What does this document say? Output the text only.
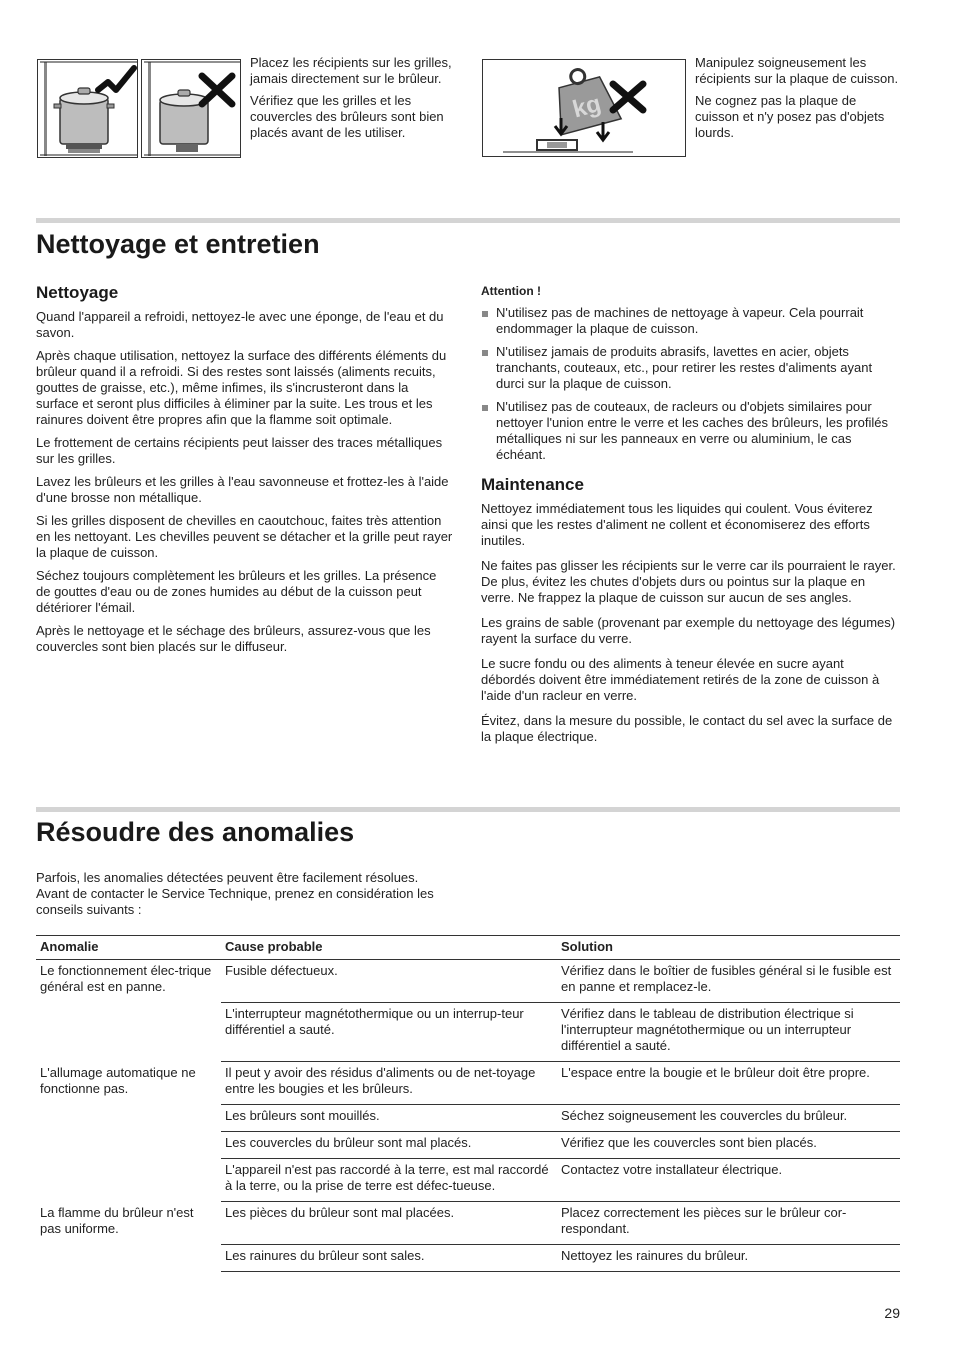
Placez les récipients sur les grilles, jamais directement sur le brûleur.

Vérifiez que les grilles et les couvercles des brûleurs sont bien placés avant de les utiliser.

kg

Manipulez soigneusement les récipients sur la plaque de cuisson.

Ne cognez pas la plaque de cuisson et n'y posez pas d'objets lourds.

Nettoyage et entretien
Nettoyage

Quand l'appareil a refroidi, nettoyez-le avec une éponge, de l'eau et du savon.

Après chaque utilisation, nettoyez la surface des différents éléments du brûleur quand il a refroidi. Si des restes sont laissés (aliments recuits, gouttes de graisse, etc.), même infimes, ils s'incrusteront dans la surface et seront plus difficiles à éliminer par la suite. Les trous et les rainures doivent être propres afin que la flamme soit optimale.

Le frottement de certains récipients peut laisser des traces métalliques sur les grilles.

Lavez les brûleurs et les grilles à l'eau savonneuse et frottez-les à l'aide d'une brosse non métallique.

Si les grilles disposent de chevilles en caoutchouc, faites très attention en les nettoyant. Les chevilles peuvent se détacher et la grille peut rayer la plaque de cuisson.

Séchez toujours complètement les brûleurs et les grilles. La présence de gouttes d'eau ou de zones humides au début de la cuisson peut détériorer l'émail.

Après le nettoyage et le séchage des brûleurs, assurez-vous que les couvercles sont bien placés sur le diffuseur.

Attention !
N'utilisez pas de machines de nettoyage à vapeur. Cela pourrait endommager la plaque de cuisson.
N'utilisez jamais de produits abrasifs, lavettes en acier, objets tranchants, couteaux, etc., pour retirer les restes d'aliments ayant durci sur la plaque de cuisson.
N'utilisez pas de couteaux, de racleurs ou d'objets similaires pour nettoyer l'union entre le verre et les caches des brûleurs, les profilés métalliques ni sur les panneaux en verre ou aluminium, le cas échéant.
Maintenance

Nettoyez immédiatement tous les liquides qui coulent. Vous éviterez ainsi que les restes d'aliment ne collent et économiserez des efforts inutiles.

Ne faites pas glisser les récipients sur le verre car ils pourraient le rayer. De plus, évitez les chutes d'objets durs ou pointus sur la plaque en verre. Ne frappez la plaque de cuisson sur aucun de ses angles.

Les grains de sable (provenant par exemple du nettoyage des légumes) rayent la surface du verre.

Le sucre fondu ou des aliments à teneur élevée en sucre ayant débordés doivent être immédiatement retirés de la zone de cuisson à l'aide d'un racleur en verre.

Évitez, dans la mesure du possible, le contact du sel avec la surface de la plaque électrique.

Résoudre des anomalies

Parfois, les anomalies détectées peuvent être facilement résolues. Avant de contacter le Service Technique, prenez en considération les conseils suivants :

Anomalie	Cause probable	Solution
Le fonctionnement élec-trique général est en panne.	Fusible défectueux.	Vérifiez dans le boîtier de fusibles général si le fusible est en panne et remplacez-le.
	L'interrupteur magnétothermique ou un interrup-teur différentiel a sauté.	Vérifiez dans le tableau de distribution électrique si l'interrupteur magnétothermique ou un interrupteur différentiel a sauté.
L'allumage automatique ne fonctionne pas.	Il peut y avoir des résidus d'aliments ou de net-toyage entre les bougies et les brûleurs.	L'espace entre la bougie et le brûleur doit être propre.
	Les brûleurs sont mouillés.	Séchez soigneusement les couvercles du brûleur.
	Les couvercles du brûleur sont mal placés.	Vérifiez que les couvercles sont bien placés.
	L'appareil n'est pas raccordé à la terre, est mal raccordé à la terre, ou la prise de terre est défec-tueuse.	Contactez votre installateur électrique.
La flamme du brûleur n'est pas uniforme.	Les pièces du brûleur sont mal placées.	Placez correctement les pièces sur le brûleur cor-respondant.
	Les rainures du brûleur sont sales.	Nettoyez les rainures du brûleur.
29
